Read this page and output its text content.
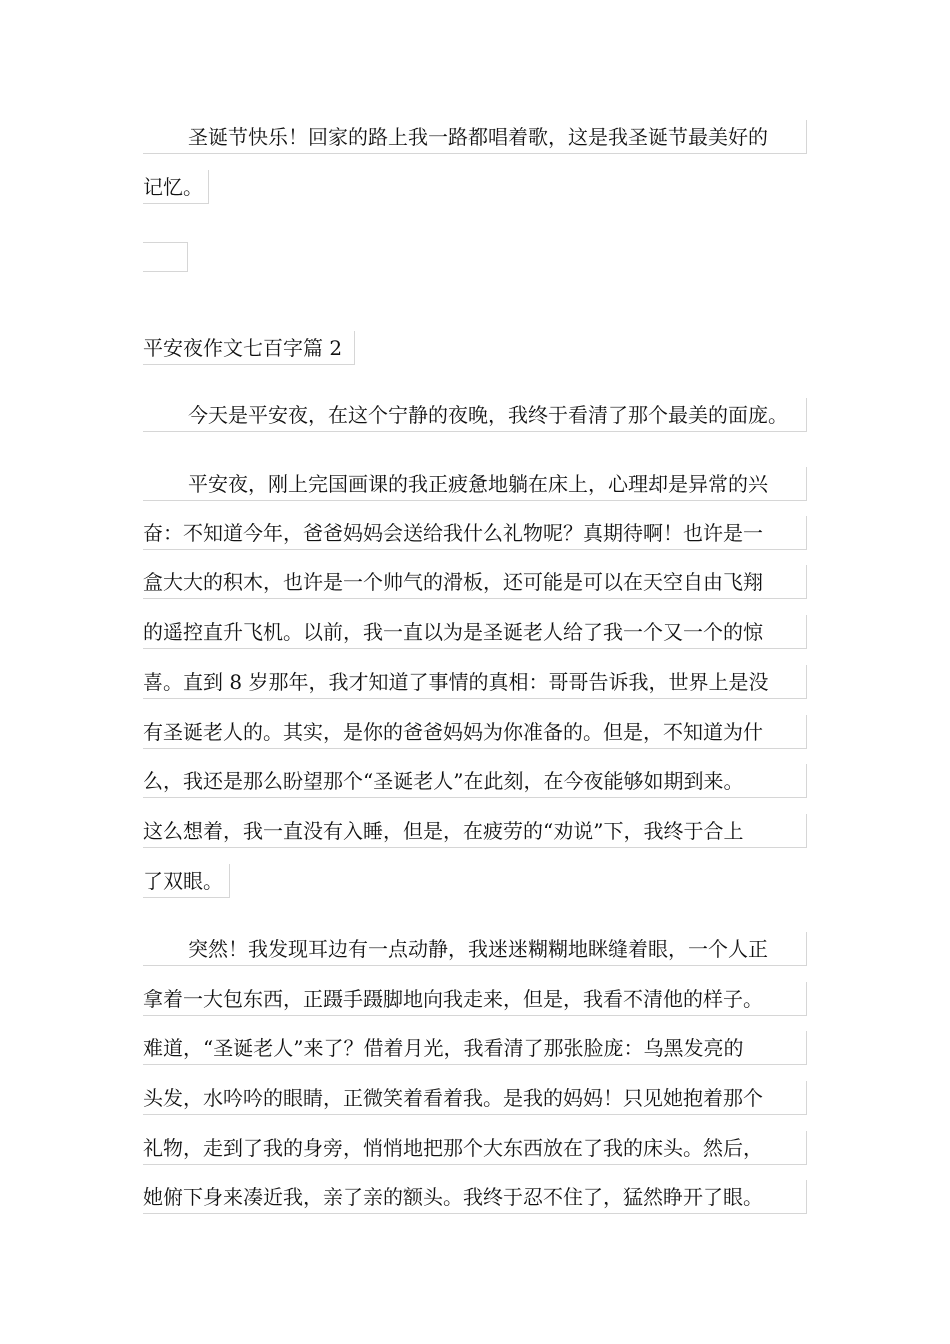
圣诞节快乐！回家的路上我一路都唱着歌，这是我圣诞节最美好的
记忆。
平安夜作文七百字篇 2
今天是平安夜，在这个宁静的夜晚，我终于看清了那个最美的面庞。
平安夜，刚上完国画课的我正疲惫地躺在床上，心理却是异常的兴
奋：不知道今年，爸爸妈妈会送给我什么礼物呢？真期待啊！也许是一
盒大大的积木，也许是一个帅气的滑板，还可能是可以在天空自由飞翔
的遥控直升飞机。以前，我一直以为是圣诞老人给了我一个又一个的惊
喜。直到 8 岁那年，我才知道了事情的真相：哥哥告诉我，世界上是没
有圣诞老人的。其实，是你的爸爸妈妈为你准备的。但是，不知道为什
么，我还是那么盼望那个“圣诞老人”在此刻，在今夜能够如期到来。
这么想着，我一直没有入睡，但是，在疲劳的“劝说”下，我终于合上
了双眼。
突然！我发现耳边有一点动静，我迷迷糊糊地眯缝着眼，一个人正
拿着一大包东西，正蹑手蹑脚地向我走来，但是，我看不清他的样子。
难道，“圣诞老人”来了？借着月光，我看清了那张脸庞：乌黑发亮的
头发，水吟吟的眼睛，正微笑着看着我。是我的妈妈！只见她抱着那个
礼物，走到了我的身旁，悄悄地把那个大东西放在了我的床头。然后，
她俯下身来凑近我，亲了亲的额头。我终于忍不住了，猛然睁开了眼。
